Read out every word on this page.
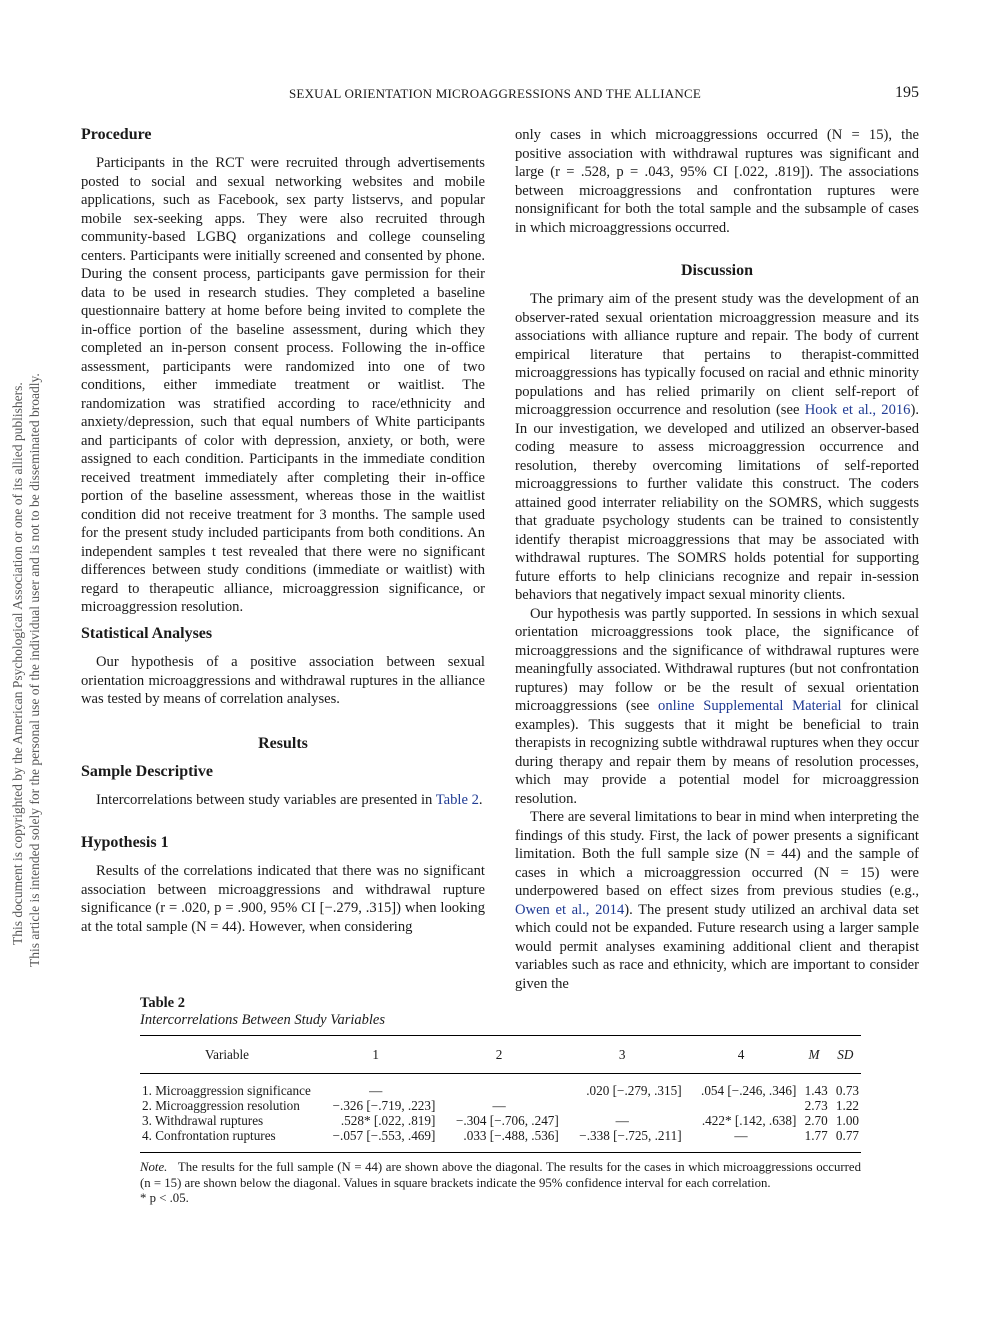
SEXUAL ORIENTATION MICROAGGRESSIONS AND THE ALLIANCE	195
This document is copyrighted by the American Psychological Association or one of its allied publishers. This article is intended solely for the personal use of the individual user and is not to be disseminated broadly.
Procedure

Participants in the RCT were recruited through advertisements posted to social and sexual networking websites and mobile applications, such as Facebook, sex party listservs, and popular mobile sex-seeking apps. They were also recruited through community-based LGBQ organizations and college counseling centers. Participants were initially screened and consented by phone. During the consent process, participants gave permission for their data to be used in research studies. They completed a baseline questionnaire battery at home before being invited to complete the in-office portion of the baseline assessment, during which they completed an in-person consent process. Following the in-office assessment, participants were randomized into one of two conditions, either immediate treatment or waitlist. The randomization was stratified according to race/ethnicity and anxiety/depression, such that equal numbers of White participants and participants of color with depression, anxiety, or both, were assigned to each condition. Participants in the immediate condition received treatment immediately after completing their in-office portion of the baseline assessment, whereas those in the waitlist condition did not receive treatment for 3 months. The sample used for the present study included participants from both conditions. An independent samples t test revealed that there were no significant differences between study conditions (immediate or waitlist) with regard to therapeutic alliance, microaggression significance, or microaggression resolution.

Statistical Analyses

Our hypothesis of a positive association between sexual orientation microaggressions and withdrawal ruptures in the alliance was tested by means of correlation analyses.

Results
Sample Descriptive

Intercorrelations between study variables are presented in Table 2.

Hypothesis 1

Results of the correlations indicated that there was no significant association between microaggressions and withdrawal rupture significance (r = .020, p = .900, 95% CI [−.279, .315]) when looking at the total sample (N = 44). However, when considering

only cases in which microaggressions occurred (N = 15), the positive association with withdrawal ruptures was significant and large (r = .528, p = .043, 95% CI [.022, .819]). The associations between microaggressions and confrontation ruptures were nonsignificant for both the total sample and the subsample of cases in which microaggressions occurred.

Discussion

The primary aim of the present study was the development of an observer-rated sexual orientation microaggression measure and its associations with alliance rupture and repair. The body of current empirical literature that pertains to therapist-committed microaggressions has typically focused on racial and ethnic minority populations and has relied primarily on client self-report of microaggression occurrence and resolution (see Hook et al., 2016). In our investigation, we developed and utilized an observer-based coding measure to assess microaggression occurrence and resolution, thereby overcoming limitations of self-reported microaggressions to further validate this construct. The coders attained good interrater reliability on the SOMRS, which suggests that graduate psychology students can be trained to consistently identify therapist microaggressions that may be associated with withdrawal ruptures. The SOMRS holds potential for supporting future efforts to help clinicians recognize and repair in-session behaviors that negatively impact sexual minority clients.

Our hypothesis was partly supported. In sessions in which sexual orientation microaggressions took place, the significance of microaggressions and the significance of withdrawal ruptures were meaningfully associated. Withdrawal ruptures (but not confrontation ruptures) may follow or be the result of sexual orientation microaggressions (see online Supplemental Material for clinical examples). This suggests that it might be beneficial to train therapists in recognizing subtle withdrawal ruptures when they occur during therapy and repair them by means of resolution processes, which may provide a potential model for microaggression resolution.

There are several limitations to bear in mind when interpreting the findings of this study. First, the lack of power presents a significant limitation. Both the full sample size (N = 44) and the sample of cases in which a microaggression occurred (N = 15) were underpowered based on effect sizes from previous studies (e.g., Owen et al., 2014). The present study utilized an archival data set which could not be expanded. Future research using a larger sample would permit analyses examining additional client and therapist variables such as race and ethnicity, which are important to consider given the

Table 2
Intercorrelations Between Study Variables
Variable	1	2	3	4	M	SD
1. Microaggression significance	—		​.020 [−.279, .315]	.054 [−.246, .346]	1.43	0.73
2. Microaggression resolution	−.326 [−.719, .223]	—			2.73	1.22
3. Withdrawal ruptures	.528* [.022, .819]	−.304 [−.706, .247]	—	.422* [.142, .638]	2.70	1.00
4. Confrontation ruptures	−.057 [−.553, .469]	.033 [−.488, .536]	−.338 [−.725, .211]	—	1.77	0.77
Note. The results for the full sample (N = 44) are shown above the diagonal. The results for the cases in which microaggressions occurred (n = 15) are shown below the diagonal. Values in square brackets indicate the 95% confidence interval for each correlation.
* p < .05.
